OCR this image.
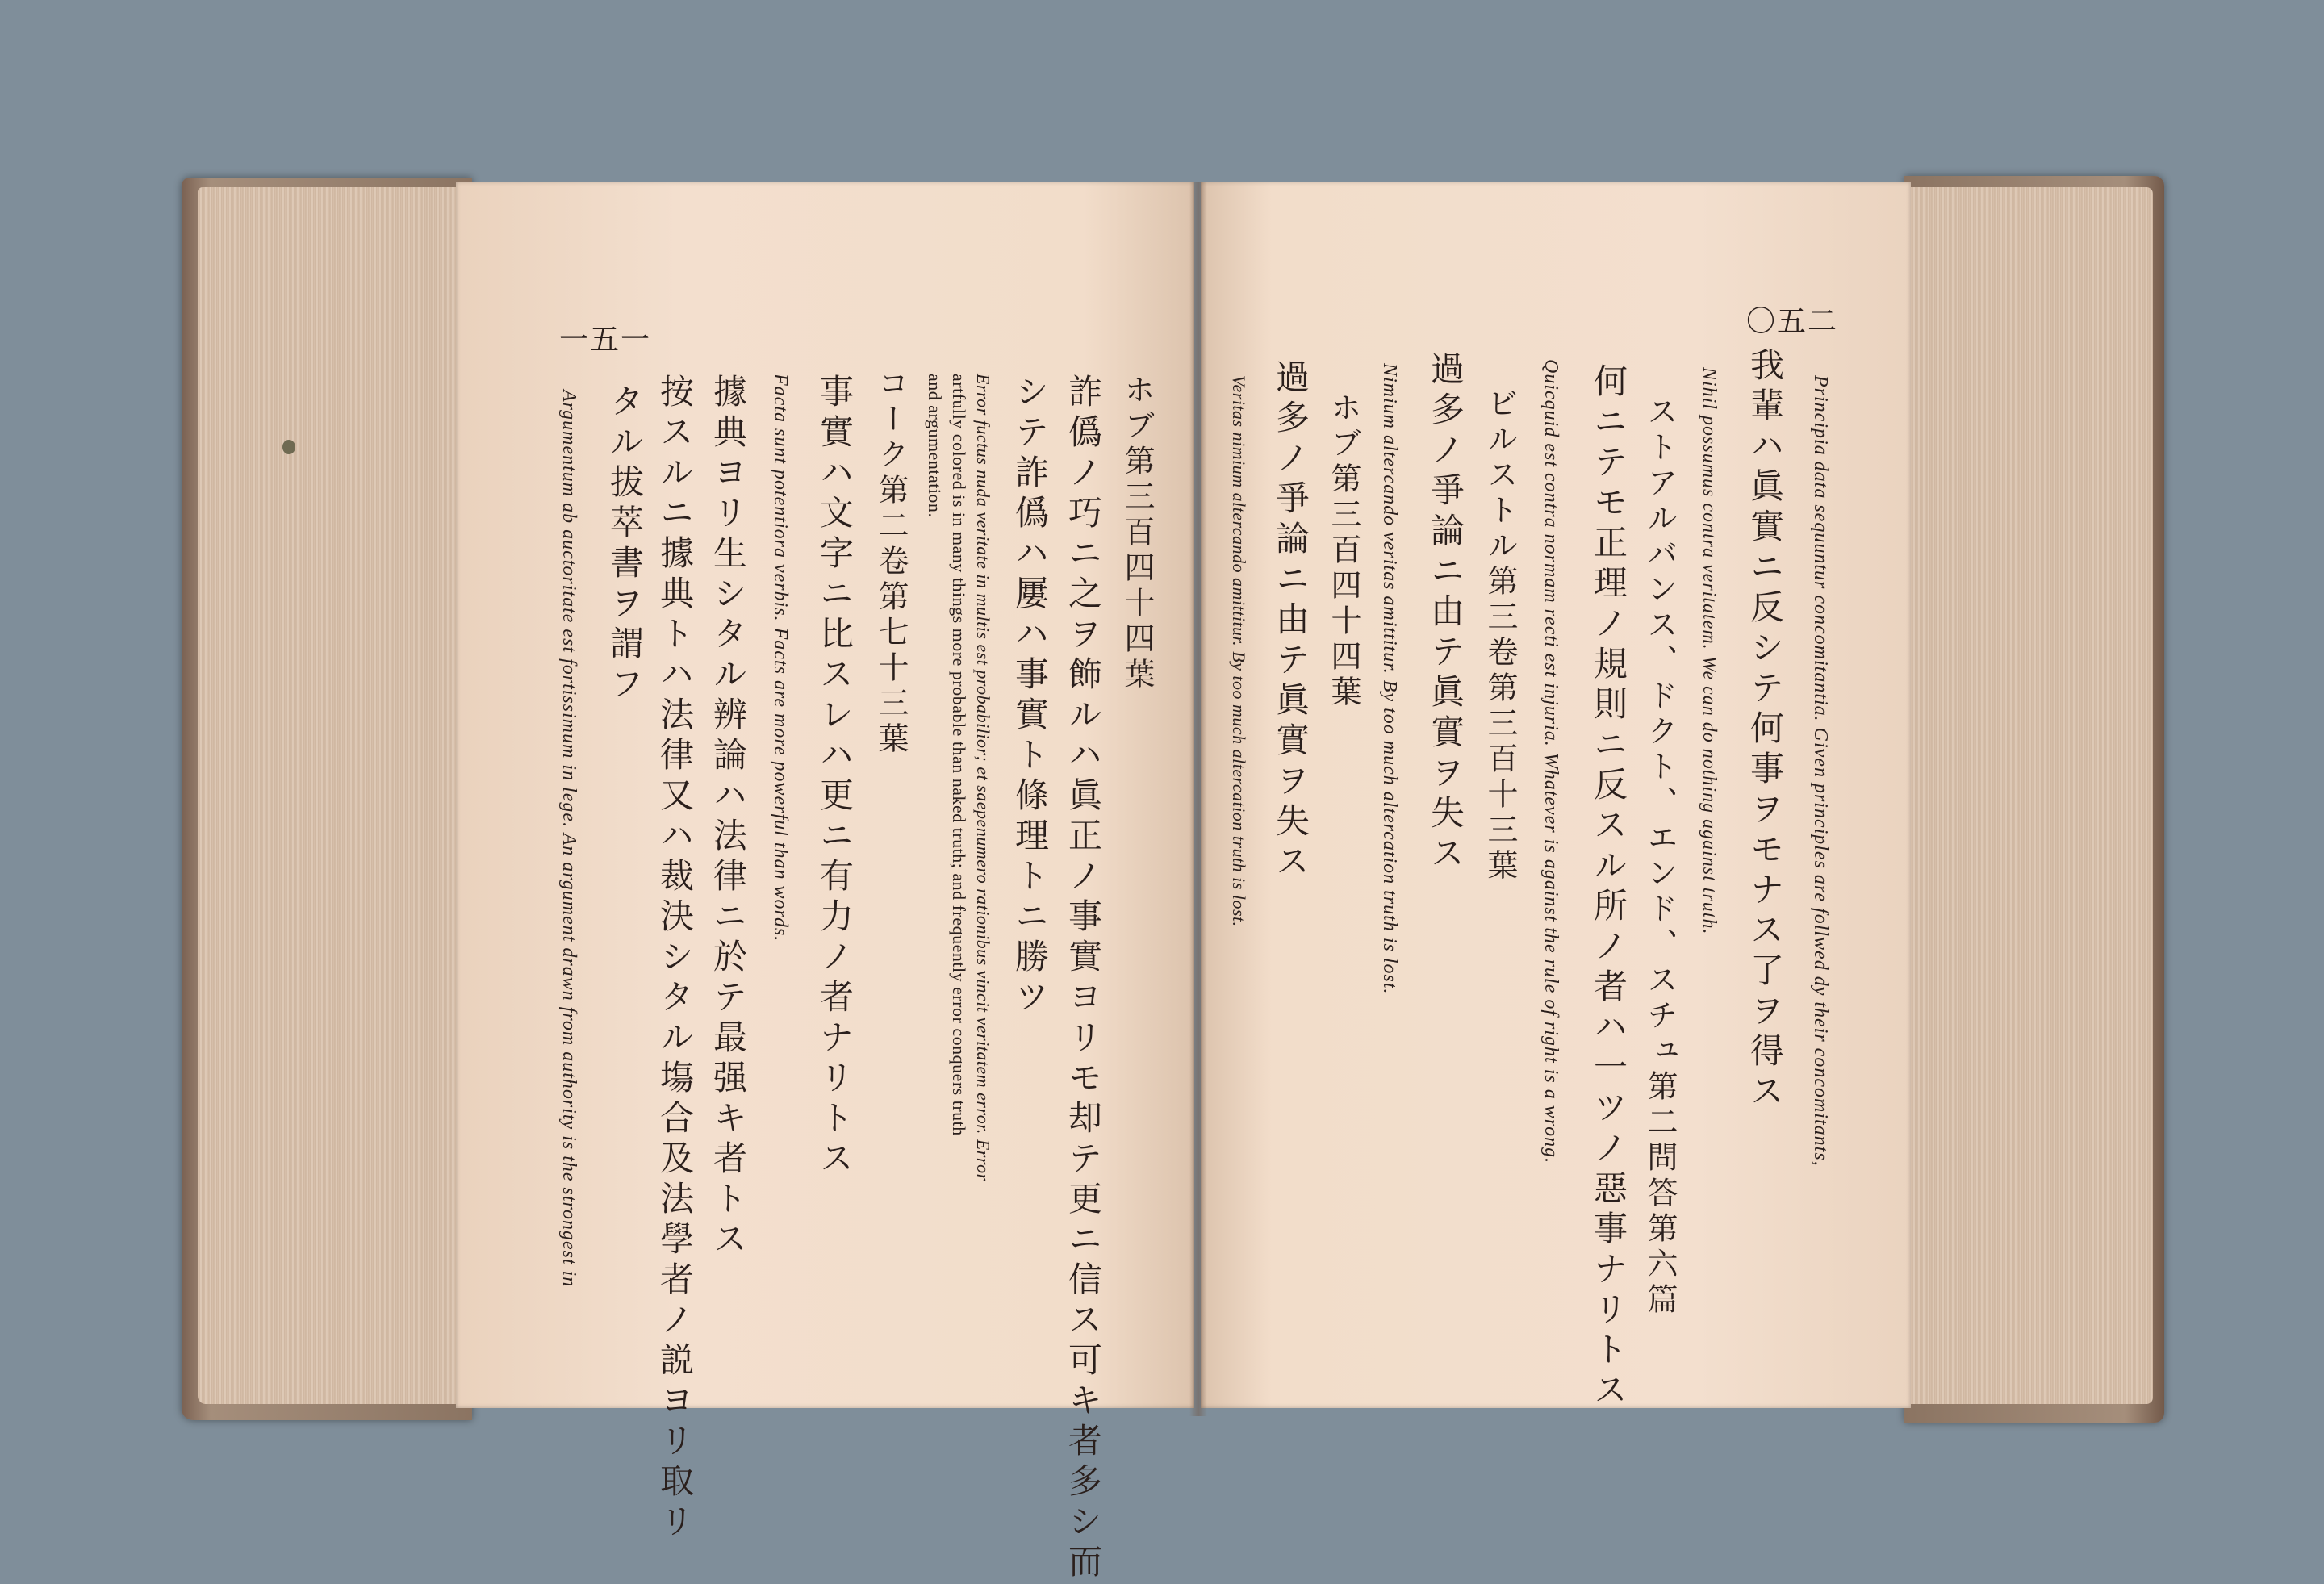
一五一
ホブ第三百四十四葉
詐僞ノ巧ニ之ヲ飾ルハ眞正ノ事實ヨリモ却テ更ニ信ス可キ者多シ而
シテ詐僞ハ屢ハ事實ト條理トニ勝ツ
Error fuctus nuda veritate in multis est probabilior; et saepenumero rationibus vincit veritatem error. Error
artfully colored is in many things more probable than naked truth; and frequently error conquers truth
and argumentation.
コーク第二卷第七十三葉
事實ハ文字ニ比スレハ更ニ有力ノ者ナリトス
Facta sunt potentiora verbis. Facts are more powerful than words.
據典ヨリ生シタル辨論ハ法律ニ於テ最强キ者トス
按スルニ據典トハ法律又ハ裁決シタル塲合及法學者ノ説ヨリ取リ
タル拔萃書ヲ謂フ
Argumentum ab auctoritate est fortissimum in lege. An argument drawn from authority is the strongest in
〇五二
Principia data sequuntur concomitantia. Given principles are follwed dy their concomitants,
我輩ハ眞實ニ反シテ何事ヲモナス了ヲ得ス
Nihil possumus contra veritatem. We can do nothing against truth.
ストアルバンス、ドクト、エンド、スチュ第二問答第六篇
何ニテモ正理ノ規則ニ反スル所ノ者ハ一ツノ惡事ナリトス
Quicquid est contra normam recti est injuria. Whatever is against the rule of right is a wrong.
ビルストル第三卷第三百十三葉
過多ノ爭論ニ由テ眞實ヲ失ス
Nimium altercando veritas amittitur. By too much altercation truth is lost.
ホブ第三百四十四葉
過多ノ爭論ニ由テ眞實ヲ失ス
Veritas nimium altercando amittitur. By too much altercation truth is lost.
